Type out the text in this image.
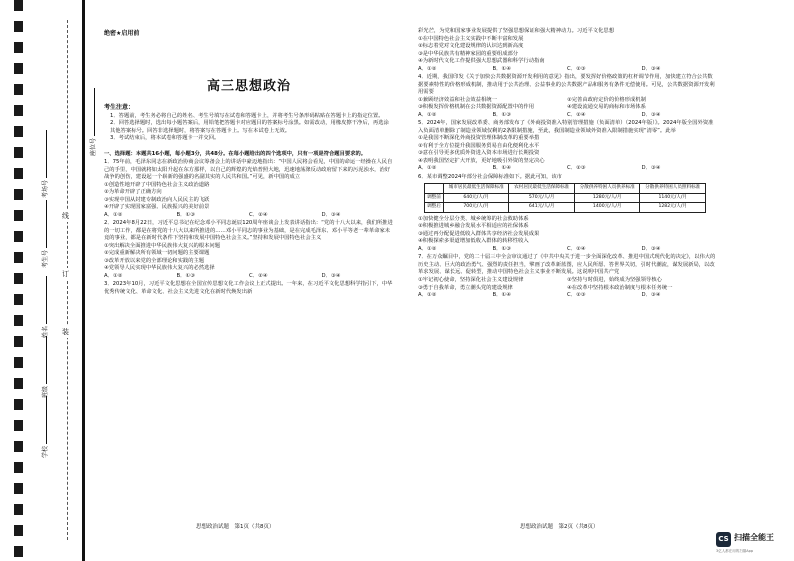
座位号
考场号
考生号
姓名
班级
学校
线
订
装
绝密★启用前
高三思想政治

考生注意：

1．答题前，考生务必将自己的姓名、考生号填写在试卷和答题卡上，并将考生号条形码粘贴在答题卡上的指定位置。

2．回答选择题时，选出每小题答案后，用铅笔把答题卡对应题目的答案标号涂黑。如需改动，用橡皮擦干净后，再选涂其他答案标号。回答非选择题时，将答案写在答题卡上。写在本试卷上无效。

3．考试结束后，将本试卷和答题卡一并交回。

一、选择题：本题共16小题，每小题3分，共48分。在每小题给出的四个选项中，只有一项是符合题目要求的。

1．75年前，毛泽东同志在新政治协商会议筹备会上的讲话中豪迈地指出：“中国人民将会看见，中国的命运一经操在人民自己的手里，中国就将如太阳升起在东方那样，以自己的辉煌的光焰普照大地，迅速地荡涤反动政府留下来的污泥浊水，治好战争的创伤，建设起一个崭新的强盛的名副其实的人民共和国。”可见，新中国的成立

①创造性地开辟了中国特色社会主义政治道路

②为革命开辟了正确方向

③实现中国从封建专制政治向人民民主的飞跃

④开辟了实现国家富强、民族振兴的美好前景

A．①②	B．①③	C．②④	D．③④

2．2024年8月22日，习近平总书记在纪念邓小平同志诞辰120周年座谈会上发表讲话指出：“党的十八大以来，我们所推进的一切工作，都是在将党的十八大以来所推进的……邓小平同志的事业为基础，是在完成毛泽东、邓小平等老一辈革命家未竟的事业，都是在新时代条件下坚持和发展中国特色社会主义。”坚持和发展中国特色社会主义

①突出解决全面推进中华民族伟大复兴的根本问题

②完成重新解决所有领域一切问题的主要课题

③改革开放以来党的全部理论和实践的主题

④党领导人民实现中华民族伟大复兴的必然选择

A．①②	B．①③	C．②④	D．③④

3．2023年10月，习近平文化思想在全国宣传思想文化工作会议上正式提出。一年来，在习近平文化思想科学指引下，中华优秀传统文化、革命文化、社会主义先进文化在新时代焕发出新

思想政治试题　第1页（共8页）

彩光芒，为党和国家事业发展提供了坚强思想保证和强大精神动力。习近平文化思想

①在中国特色社会主义实践中不断丰富和发展

②标志着党对文化建设规律的认识达到新高度

③是中华民族共有精神家园的重要组成部分

④为新时代文化工作提供强大思想武器和科学行动指南

A．①②	B．①④	C．②③	D．③④

4．近期，我国印发《关于加快公共数据资源开发利用的意见》指出，要发挥好价格政策的杠杆调节作用，加快建立符合公共数据要素特性的价格形成机制，推动用于公共治理、公益事业的公共数据产品和服务有条件无偿使用。可见，公共数据资源开发利用需要

①兼顾经济效益和社会效益相统一	②完善由政府定价的价格形成机制
③积极发挥价格机制在公共数据资源配置中的作用	④建设流通交易的商标和市场体系
A．①②	B．①③	C．②④	D．③④

5．2024年，国家发展改革委、商务部发布了《外商投资准入特别管理措施（负面清单）（2024年版）》。2024年版全国外资准入负面清单删除了制造业领域仅剩的2条限制措施，至此，我国制造业领域外资准入限制措施实现“清零”。此举

①是我国不断深化外商投资管理体制改革的重要举措

②有利于全方位提升我国服务贸易自由化便利化水平

③意在引导更多优质外资进入资本市场进行长期投资

④表明我国坚定扩大开放，更好地吸引外资的坚定决心

A．①②	B．①④	C．②③	D．③④

6．某市调整2024年部分社会保障标准如下。据此可知，该市

	城市居民最低生活保障标准	农村居民最低生活保障标准	分散供养特困人员供养标准	分散供养特困人员照料标准
调整前	640元/人/月	570元/人/月	1280元/人/月	1140元/人/月
调整后	700元/人/月	641元/人/月	1400元/人/月	1282元/人/月

①加快健全分层分类、城乡统筹的社会救助体系

②积极推进城乡融合发展水平相适应的社保体系

③通过再分配促进低收入群体共享经济社会发展成果

④积极探索多渠道增加低收入群体的转移性收入

A．①②	B．①③	C．②④	D．③④

7．在万众瞩目中，党的二十届三中全会审议通过了《中共中央关于进一步全面深化改革、推进中国式现代化的决定》，以伟大的历史主动、巨大的政治勇气、强烈的责任担当，擘画了改革新蓝图，应人民所愿、答世界关切，引时代潮流，谋发展新局，以改革求发展、谋长远、促转型，推动中国特色社会主义事业不断发展。这说明中国共产党

①牢记初心使命，坚持深化社会主义建设规律	②坚持与时俱进，始终成为坚强领导核心
③勇于自我革命，勇立潮头党的建设规律	④在改革中坚持根本政治制度与根本任务统一
A．①②	B．①④	C．②③	D．③④
思想政治试题　第2页（共8页）
CS 扫描全能王
3亿人都在用的扫描App
